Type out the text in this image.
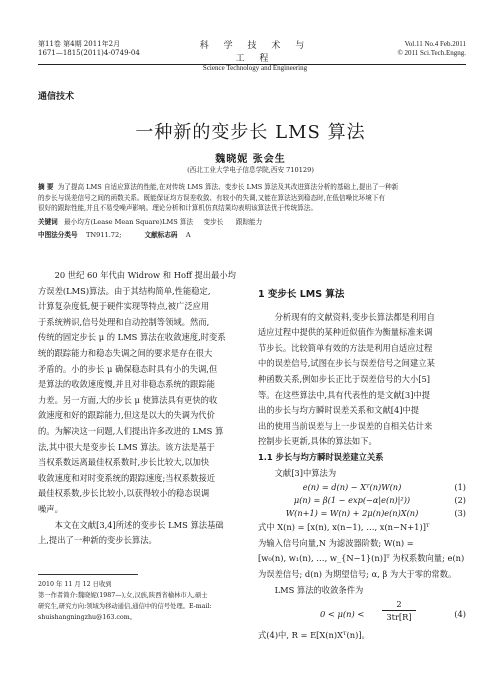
第11卷 第4期 2011年2月
1671—1815(2011)4-0749-04
科 学 技 术 与 工 程
Science Technology and Engineering
Vol.11 No.4 Feb.2011
© 2011 Sci.Tech.Engng.
通信技术
一种新的变步长 LMS 算法
魏晓妮 张会生
(西北工业大学电子信息学院,西安 710129)
摘 要 为了提高 LMS 自适应算法的性能,在对传统 LMS 算法、变步长 LMS 算法及其改进算法分析的基础上,提出了一种新
的步长与误差信号之间的函数关系。既能保证均方误差收敛、有较小的失调,又能在算法达到稳态时,在低信噪比环境下有
很好的跟踪性能,并且不易受噪声影响。理论分析和计算机仿真结果均表明该算法优于传统算法。
关键词 最小均方(Lease Mean Square)LMS 算法 变步长 跟踪能力
中图法分类号 TN911.72;	文献标志码 A
20 世纪 60 年代由 Widrow 和 Hoff 提出最小均
方误差(LMS)算法。由于其结构简单,性能稳定,
计算复杂度低,便于硬件实现等特点,被广泛应用
于系统辨识,信号处理和自动控制等领域。然而,
传统的固定步长 μ 的 LMS 算法在收敛速度,时变系
统的跟踪能力和稳态失调之间的要求是存在很大
矛盾的。小的步长 μ 确保稳态时具有小的失调,但
是算法的收敛速度慢,并且对非稳态系统的跟踪能
力差。另一方面,大的步长 μ 使算法具有更快的收
敛速度和好的跟踪能力,但这是以大的失调为代价
的。为解决这一问题,人们提出许多改进的 LMS 算
法,其中很大是变步长 LMS 算法。该方法是基于
当权系数远离最佳权系数时,步长比较大,以加快
收敛速度和对时变系统的跟踪速度;当权系数接近
最佳权系数,步长比较小,以获得较小的稳态误调
噪声。
本文在文献[3,4]所述的变步长 LMS 算法基础
上,提出了一种新的变步长算法。
2010 年 11 月 12 日收到
第一作者简介:魏晓妮(1987—),女,汉族,陕西省榆林市人,硕士
研究生,研究方向:领域为移动通信,通信中的信号处理。E-mail:
shuishangningzhu@163.com。
1 变步长 LMS 算法
分析现有的文献资料,变步长算法都是利用自
适应过程中提供的某种近似值作为衡量标准来调
节步长。比较简单有效的方法是利用自适应过程
中的误差信号,试图在步长与误差信号之间建立某
种函数关系,例如步长正比于误差信号的大小[5]
等。在这些算法中,具有代表性的是文献[3]中提
出的步长与均方瞬时误差关系和文献[4]中提
出的使用当前误差与上一步误差的自相关估计来
控制步长更新,具体的算法如下。
1.1 步长与均方瞬时误差建立关系
文献[3]中算法为
e(n) = d(n) − Xᵀ(n)W(n)	(1)
μ(n) = β(1 − exp(−α|e(n)|²))	(2)
W(n+1) = W(n) + 2μ(n)e(n)X(n)	(3)
式中 X(n) = [x(n), x(n−1), …, x(n−N+1)]ᵀ
为输入信号向量,N 为滤波器阶数; W(n) =
[w₀(n), w₁(n), …, w_{N−1}(n)]ᵀ 为权系数向量; e(n)
为误差信号; d(n) 为期望信号; α, β 为大于零的常数。
LMS 算法的收敛条件为
$0 < \mu(n) < \frac{2}{3tr[R]}$	(4)
式(4)中, R = E[X(n)Xᵀ(n)]。
